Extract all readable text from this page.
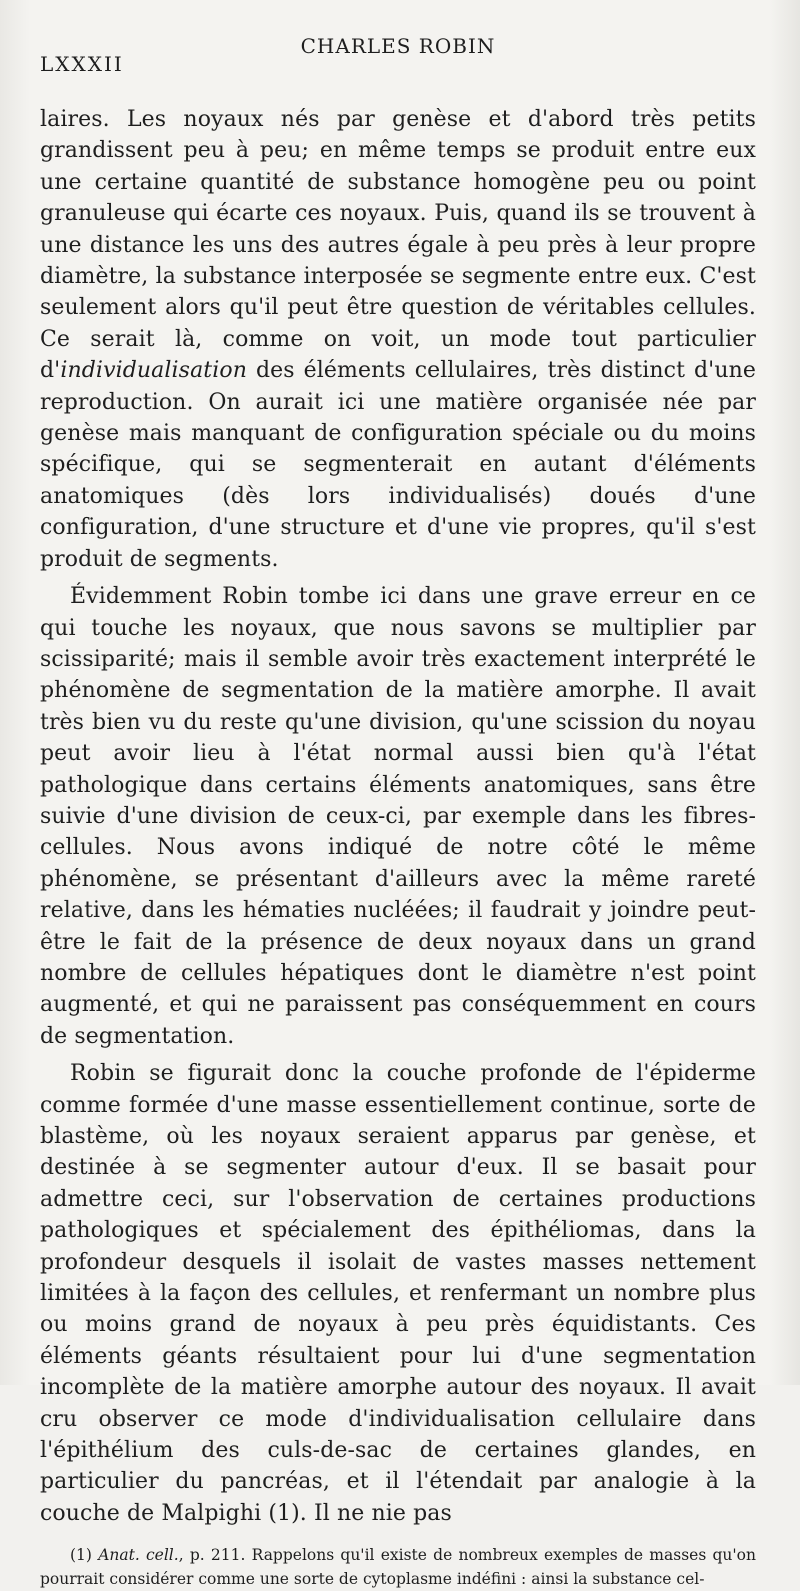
LXXXII
CHARLES ROBIN

laires. Les noyaux nés par genèse et d'abord très petits grandissent peu à peu; en même temps se produit entre eux une certaine quantité de substance homogène peu ou point granuleuse qui écarte ces noyaux. Puis, quand ils se trouvent à une distance les uns des autres égale à peu près à leur propre diamètre, la substance interposée se segmente entre eux. C'est seulement alors qu'il peut être question de véritables cellules. Ce serait là, comme on voit, un mode tout particulier d'individualisation des éléments cellulaires, très distinct d'une reproduction. On aurait ici une matière organisée née par genèse mais manquant de configuration spéciale ou du moins spécifique, qui se segmenterait en autant d'éléments anatomiques (dès lors individualisés) doués d'une configuration, d'une structure et d'une vie propres, qu'il s'est produit de segments.

Évidemment Robin tombe ici dans une grave erreur en ce qui touche les noyaux, que nous savons se multiplier par scissiparité; mais il semble avoir très exactement interprété le phénomène de segmentation de la matière amorphe. Il avait très bien vu du reste qu'une division, qu'une scission du noyau peut avoir lieu à l'état normal aussi bien qu'à l'état pathologique dans certains éléments anatomiques, sans être suivie d'une division de ceux-ci, par exemple dans les fibres-cellules. Nous avons indiqué de notre côté le même phénomène, se présentant d'ailleurs avec la même rareté relative, dans les hématies nucléées; il faudrait y joindre peut-être le fait de la présence de deux noyaux dans un grand nombre de cellules hépatiques dont le diamètre n'est point augmenté, et qui ne paraissent pas conséquemment en cours de segmentation.

Robin se figurait donc la couche profonde de l'épiderme comme formée d'une masse essentiellement continue, sorte de blastème, où les noyaux seraient apparus par genèse, et destinée à se segmenter autour d'eux. Il se basait pour admettre ceci, sur l'observation de certaines productions pathologiques et spécialement des épithéliomas, dans la profondeur desquels il isolait de vastes masses nettement limitées à la façon des cellules, et renfermant un nombre plus ou moins grand de noyaux à peu près équidistants. Ces éléments géants résultaient pour lui d'une segmentation incomplète de la matière amorphe autour des noyaux. Il avait cru observer ce mode d'individualisation cellulaire dans l'épithélium des culs-de-sac de certaines glandes, en particulier du pancréas, et il l'étendait par analogie à la couche de Malpighi (1). Il ne nie pas

(1) Anat. cell., p. 211. Rappelons qu'il existe de nombreux exemples de masses qu'on pourrait considérer comme une sorte de cytoplasme indéfini : ainsi la substance cel-
